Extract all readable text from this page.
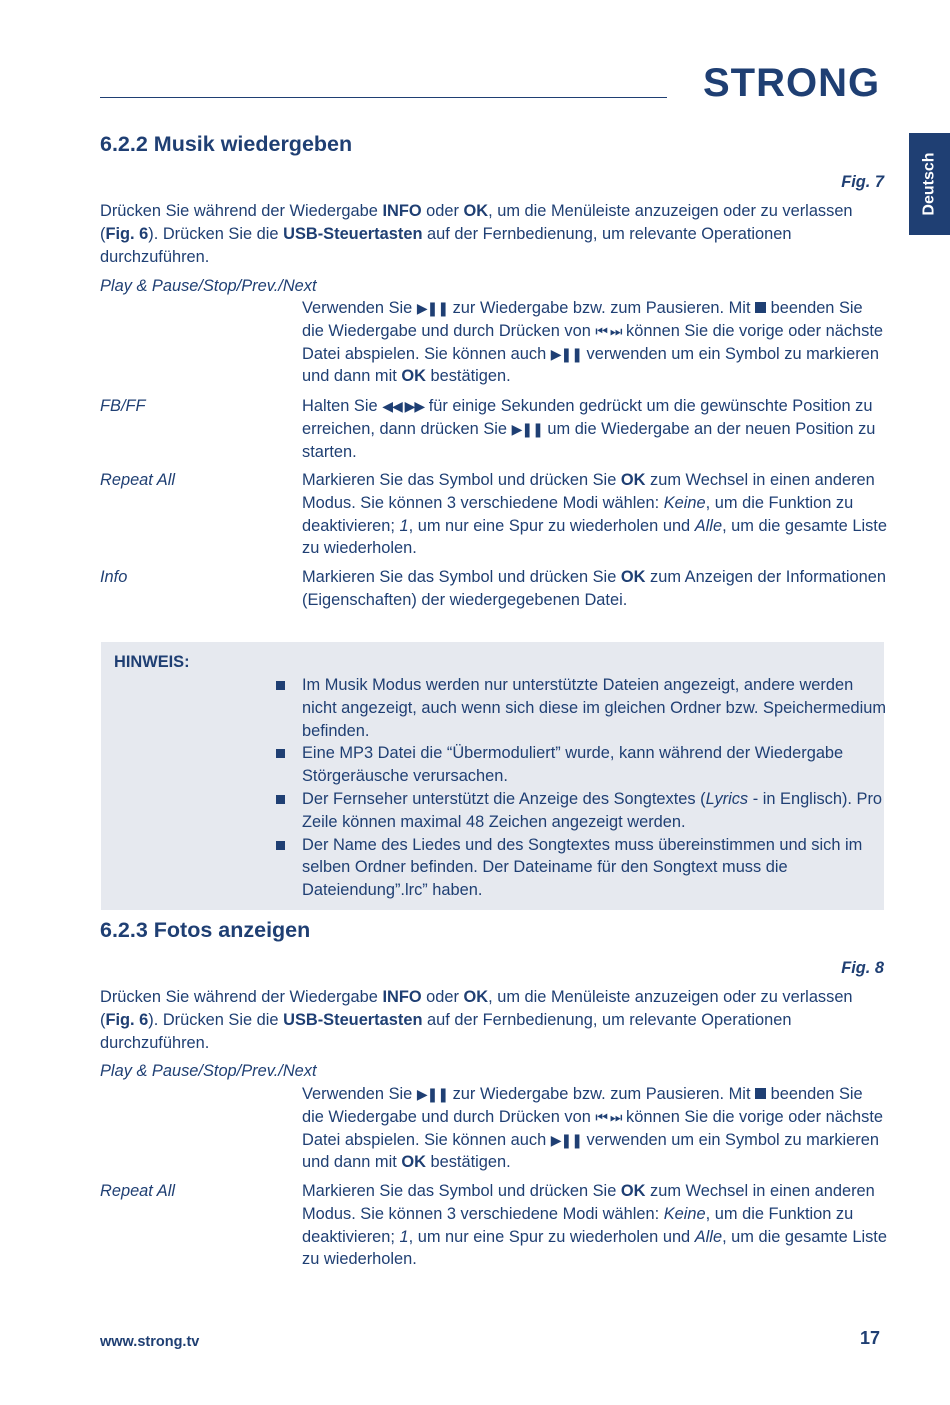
STRONG
Deutsch
6.2.2 Musik wiedergeben
Fig. 7
Drücken Sie während der Wiedergabe INFO oder OK, um die Menüleiste anzuzeigen oder zu verlassen (Fig. 6). Drücken Sie die USB-Steuertasten auf der Fernbedienung, um relevante Operationen durchzuführen.
Play & Pause/Stop/Prev./Next
Verwenden Sie ▶❚❚ zur Wiedergabe bzw. zum Pausieren. Mit  beenden Sie die Wiedergabe und durch Drücken von ⏮ ⏭ können Sie die vorige oder nächste Datei abspielen. Sie können auch ▶❚❚ verwenden um ein Symbol zu markieren und dann mit OK bestätigen.
FB/FF	Halten Sie ◀◀ ▶▶ für einige Sekunden gedrückt um die gewünschte Position zu erreichen, dann drücken Sie ▶❚❚ um die Wiedergabe an der neuen Position zu starten.
Repeat All	Markieren Sie das Symbol und drücken Sie OK zum Wechsel in einen anderen Modus. Sie können 3 verschiedene Modi wählen: Keine, um die Funktion zu deaktivieren; 1, um nur eine Spur zu wiederholen und Alle, um die gesamte Liste zu wiederholen.
Info	Markieren Sie das Symbol und drücken Sie OK zum Anzeigen der Informationen (Eigenschaften) der wiedergegebenen Datei.
HINWEIS:
Im Musik Modus werden nur unterstützte Dateien angezeigt, andere werden nicht angezeigt, auch wenn sich diese im gleichen Ordner bzw. Speichermedium befinden.
Eine MP3 Datei die “Übermoduliert” wurde, kann während der Wiedergabe Störgeräusche verursachen.
Der Fernseher unterstützt die Anzeige des Songtextes (Lyrics - in Englisch). Pro Zeile können maximal 48 Zeichen angezeigt werden.
Der Name des Liedes und des Songtextes muss übereinstimmen und sich im selben Ordner befinden. Der Dateiname für den Songtext muss die Dateiendung”.lrc” haben.
6.2.3 Fotos anzeigen
Fig. 8
Drücken Sie während der Wiedergabe INFO oder OK, um die Menüleiste anzuzeigen oder zu verlassen (Fig. 6). Drücken Sie die USB-Steuertasten auf der Fernbedienung, um relevante Operationen durchzuführen.
Play & Pause/Stop/Prev./Next
Verwenden Sie ▶❚❚ zur Wiedergabe bzw. zum Pausieren. Mit  beenden Sie die Wiedergabe und durch Drücken von ⏮ ⏭ können Sie die vorige oder nächste Datei abspielen. Sie können auch ▶❚❚ verwenden um ein Symbol zu markieren und dann mit OK bestätigen.
Repeat All	Markieren Sie das Symbol und drücken Sie OK zum Wechsel in einen anderen Modus. Sie können 3 verschiedene Modi wählen: Keine, um die Funktion zu deaktivieren; 1, um nur eine Spur zu wiederholen und Alle, um die gesamte Liste zu wiederholen.
www.strong.tv	17
